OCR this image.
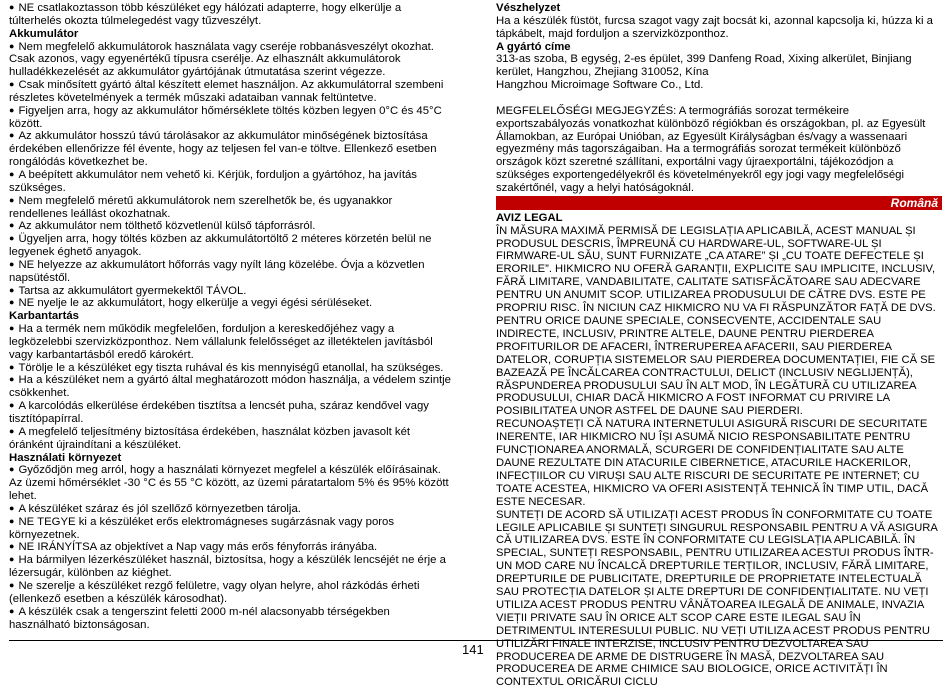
● NE csatlakoztasson több készüléket egy hálózati adapterre, hogy elkerülje a túlterhelés okozta túlmelegedést vagy tűzveszélyt.

Akkumulátor

● Nem megfelelő akkumulátorok használata vagy cseréje robbanásveszélyt okozhat. Csak azonos, vagy egyenértékű típusra cserélje. Az elhasznált akkumulátorok hulladékkezelését az akkumulátor gyártójának útmutatása szerint végezze.

● Csak minősített gyártó által készített elemet használjon. Az akkumulátorral szembeni részletes követelmények a termék műszaki adataiban vannak feltüntetve.

● Figyeljen arra, hogy az akkumulátor hőmérséklete töltés közben legyen 0°C és 45°C között.

● Az akkumulátor hosszú távú tárolásakor az akkumulátor minőségének biztosítása érdekében ellenőrizze fél évente, hogy az teljesen fel van-e töltve. Ellenkező esetben rongálódás következhet be.

● A beépített akkumulátor nem vehető ki. Kérjük, forduljon a gyártóhoz, ha javítás szükséges.

● Nem megfelelő méretű akkumulátorok nem szerelhetők be, és ugyanakkor rendellenes leállást okozhatnak.

● Az akkumulátor nem tölthető közvetlenül külső tápforrásról.

● Ügyeljen arra, hogy töltés közben az akkumulátortöltő 2 méteres körzetén belül ne legyenek éghető anyagok.

● NE helyezze az akkumulátort hőforrás vagy nyílt láng közelébe. Óvja a közvetlen napsütéstől.

● Tartsa az akkumulátort gyermekektől TÁVOL.

● NE nyelje le az akkumulátort, hogy elkerülje a vegyi égési sérüléseket.

Karbantartás

● Ha a termék nem működik megfelelően, forduljon a kereskedőjéhez vagy a legközelebbi szervizközponthoz. Nem vállalunk felelősséget az illetéktelen javításból vagy karbantartásból eredő károkért.

● Törölje le a készüléket egy tiszta ruhával és kis mennyiségű etanollal, ha szükséges.

● Ha a készüléket nem a gyártó által meghatározott módon használja, a védelem szintje csökkenhet.

● A karcolódás elkerülése érdekében tisztítsa a lencsét puha, száraz kendővel vagy tisztítópapírral.

● A megfelelő teljesítmény biztosítása érdekében, használat közben javasolt két óránként újraindítani a készüléket.

Használati környezet

● Győződjön meg arról, hogy a használati környezet megfelel a készülék előírásainak. Az üzemi hőmérséklet -30 °C és 55 °C között, az üzemi páratartalom 5% és 95% között lehet.

● A készüléket száraz és jól szellőző környezetben tárolja.

● NE TEGYE ki a készüléket erős elektromágneses sugárzásnak vagy poros környezetnek.

● NE IRÁNYÍTSA az objektívet a Nap vagy más erős fényforrás irányába.

● Ha bármilyen lézerkészüléket használ, biztosítsa, hogy a készülék lencséjét ne érje a lézersugár, különben az kiéghet.

● Ne szerelje a készüléket rezgő felületre, vagy olyan helyre, ahol rázkódás érheti (ellenkező esetben a készülék károsodhat).

● A készülék csak a tengerszint feletti 2000 m-nél alacsonyabb térségekben használható biztonságosan.

Vészhelyzet

Ha a készülék füstöt, furcsa szagot vagy zajt bocsát ki, azonnal kapcsolja ki, húzza ki a tápkábelt, majd forduljon a szervizközponthoz.

A gyártó címe

313-as szoba, B egység, 2-es épület, 399 Danfeng Road, Xixing alkerület, Binjiang kerület, Hangzhou, Zhejiang 310052, Kína

Hangzhou Microimage Software Co., Ltd.

MEGFELELŐSÉGI MEGJEGYZÉS: A termográfiás sorozat termékeire exportszabályozás vonatkozhat különböző régiókban és országokban, pl. az Egyesült Államokban, az Európai Unióban, az Egyesült Királyságban és/vagy a wassenaari egyezmény más tagországaiban. Ha a termográfiás sorozat termékeit különböző országok közt szeretné szállítani, exportálni vagy újraexportálni, tájékozódjon a szükséges exportengedélyekről és követelményekről egy jogi vagy megfelelőségi szakértőnél, vagy a helyi hatóságoknál.

Română

AVIZ LEGAL

ÎN MĂSURA MAXIMĂ PERMISĂ DE LEGISLAȚIA APLICABILĂ, ACEST MANUAL ȘI PRODUSUL DESCRIS, ÎMPREUNĂ CU HARDWARE-UL, SOFTWARE-UL ȘI FIRMWARE-UL SĂU, SUNT FURNIZATE „CA ATARE” ȘI „CU TOATE DEFECTELE ȘI ERORILE”. HIKMICRO NU OFERĂ GARANȚII, EXPLICITE SAU IMPLICITE, INCLUSIV, FĂRĂ LIMITARE, VANDABILITATE, CALITATE SATISFĂCĂTOARE SAU ADECVARE PENTRU UN ANUMIT SCOP. UTILIZAREA PRODUSULUI DE CĂTRE DVS. ESTE PE PROPRIU RISC. ÎN NICIUN CAZ HIKMICRO NU VA FI RĂSPUNZĂTOR FAȚĂ DE DVS. PENTRU ORICE DAUNE SPECIALE, CONSECVENTE, ACCIDENTALE SAU INDIRECTE, INCLUSIV, PRINTRE ALTELE, DAUNE PENTRU PIERDEREA PROFITURILOR DE AFACERI, ÎNTRERUPEREA AFACERII, SAU PIERDEREA DATELOR, CORUPȚIA SISTEMELOR SAU PIERDEREA DOCUMENTAȚIEI, FIE CĂ SE BAZEAZĂ PE ÎNCĂLCAREA CONTRACTULUI, DELICT (INCLUSIV NEGLIJENȚĂ), RĂSPUNDEREA PRODUSULUI SAU ÎN ALT MOD, ÎN LEGĂTURĂ CU UTILIZAREA PRODUSULUI, CHIAR DACĂ HIKMICRO A FOST INFORMAT CU PRIVIRE LA POSIBILITATEA UNOR ASTFEL DE DAUNE SAU PIERDERI.

RECUNOAȘTEȚI CĂ NATURA INTERNETULUI ASIGURĂ RISCURI DE SECURITATE INERENTE, IAR HIKMICRO NU ÎȘI ASUMĂ NICIO RESPONSABILITATE PENTRU FUNCȚIONAREA ANORMALĂ, SCURGERI DE CONFIDENȚIALITATE SAU ALTE DAUNE REZULTATE DIN ATACURILE CIBERNETICE, ATACURILE HACKERILOR, INFECȚIILOR CU VIRUȘI SAU ALTE RISCURI DE SECURITATE PE INTERNET; CU TOATE ACESTEA, HIKMICRO VA OFERI ASISTENȚĂ TEHNICĂ ÎN TIMP UTIL, DACĂ ESTE NECESAR.

SUNTEȚI DE ACORD SĂ UTILIZAȚI ACEST PRODUS ÎN CONFORMITATE CU TOATE LEGILE APLICABILE ȘI SUNTEȚI SINGURUL RESPONSABIL PENTRU A VĂ ASIGURA CĂ UTILIZAREA DVS. ESTE ÎN CONFORMITATE CU LEGISLAȚIA APLICABILĂ. ÎN SPECIAL, SUNTEȚI RESPONSABIL, PENTRU UTILIZAREA ACESTUI PRODUS ÎNTR-UN MOD CARE NU ÎNCALCĂ DREPTURILE TERȚILOR, INCLUSIV, FĂRĂ LIMITARE, DREPTURILE DE PUBLICITATE, DREPTURILE DE PROPRIETATE INTELECTUALĂ SAU PROTECȚIA DATELOR ȘI ALTE DREPTURI DE CONFIDENȚIALITATE. NU VEȚI UTILIZA ACEST PRODUS PENTRU VÂNĂTOAREA ILEGALĂ DE ANIMALE, INVAZIA VIEȚII PRIVATE SAU ÎN ORICE ALT SCOP CARE ESTE ILEGAL SAU ÎN DETRIMENTUL INTERESULUI PUBLIC. NU VEȚI UTILIZA ACEST PRODUS PENTRU UTILIZĂRI FINALE INTERZISE, INCLUSIV PENTRU DEZVOLTAREA SAU PRODUCEREA DE ARME DE DISTRUGERE ÎN MASĂ, DEZVOLTAREA SAU PRODUCEREA DE ARME CHIMICE SAU BIOLOGICE, ORICE ACTIVITĂȚI ÎN CONTEXTUL ORICĂRUI CICLU

141
